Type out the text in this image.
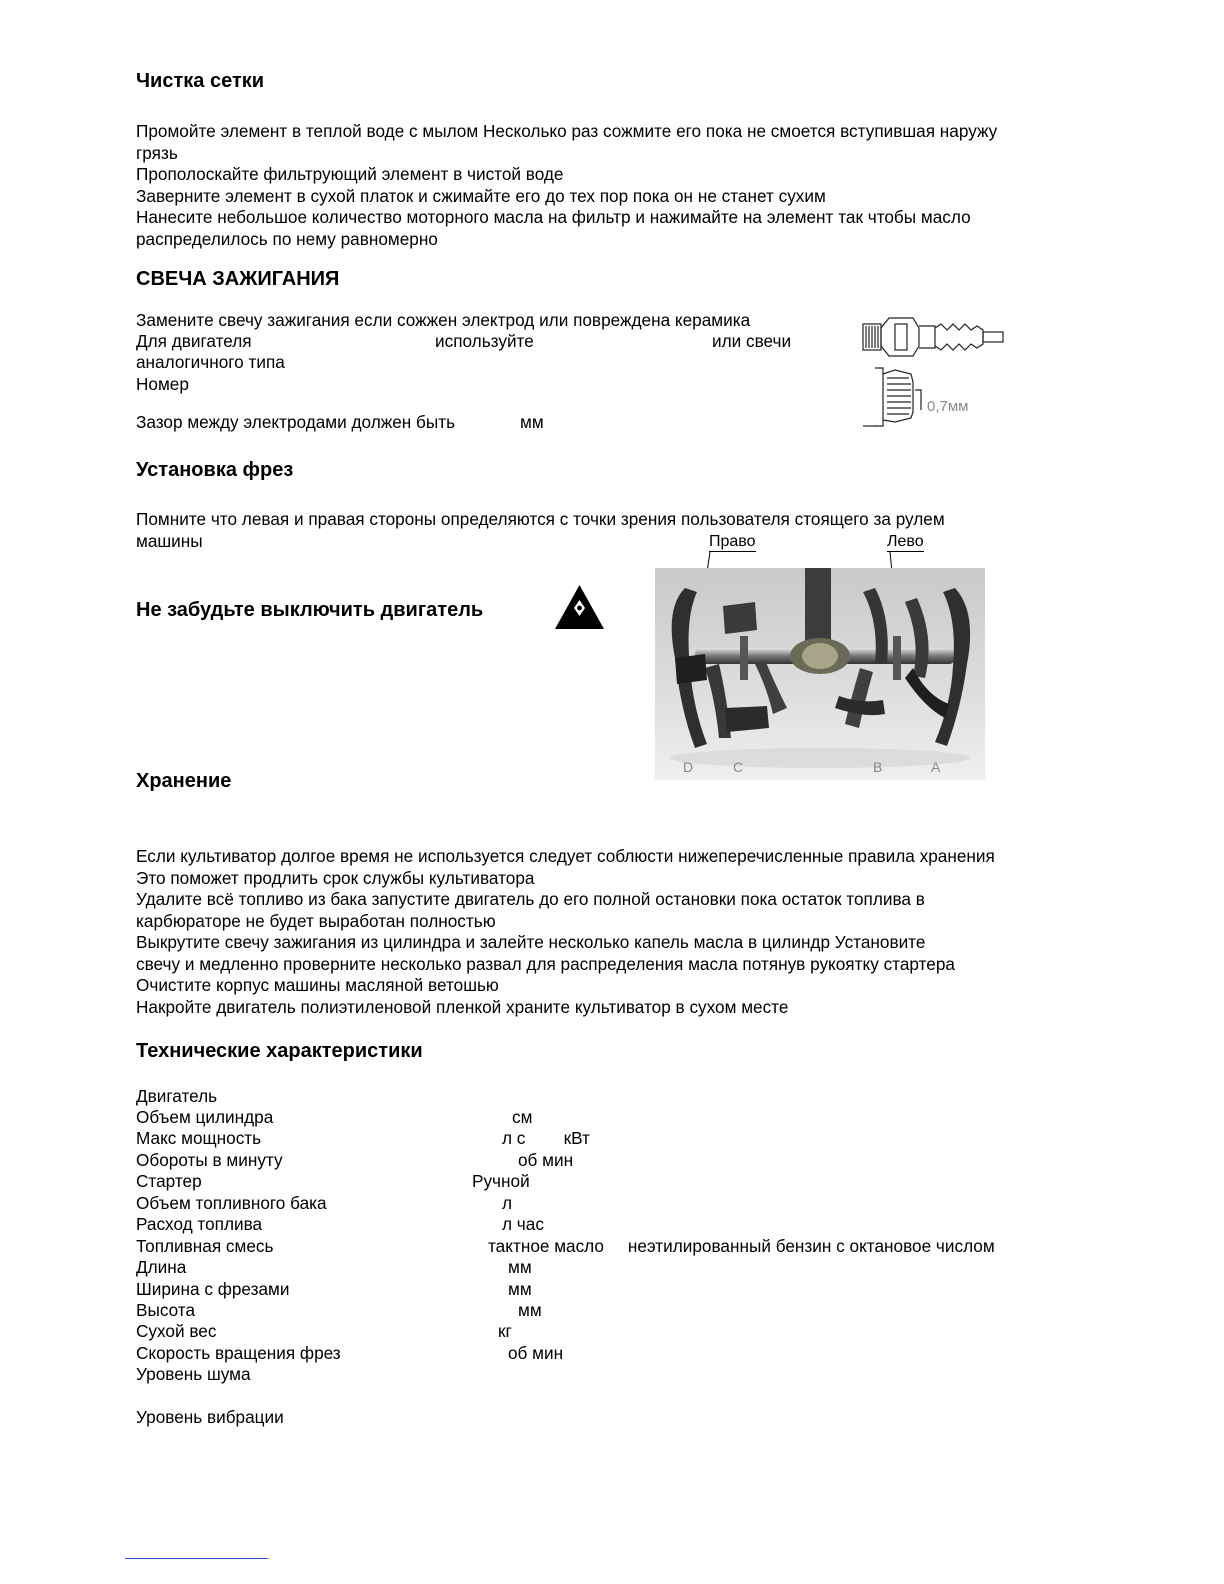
Чистка сетки
Промойте элемент в теплой воде с мылом Несколько раз сожмите его пока не смоется вступившая наружу
грязь
Прополоскайте фильтрующий элемент в чистой воде
Заверните элемент в сухой платок и сжимайте его до тех пор пока он не станет сухим
Нанесите небольшое количество моторного масла на фильтр и нажимайте на элемент так чтобы масло
распределилось по нему равномерно
СВЕЧА ЗАЖИГАНИЯ
Замените свечу зажигания если сожжен электрод или повреждена керамика
Для двигателя	используйте	или свечи
аналогичного типа
Номер
Зазор между электродами должен быть	мм
0,7мм
Установка фрез
Помните что левая и правая стороны определяются с точки зрения пользователя стоящего за рулем
машины	Право	Лево
Не забудьте выключить двигатель
D	C	B	A
Хранение
Если культиватор долгое время не используется следует соблюсти нижеперечисленные правила хранения
Это поможет продлить срок службы культиватора
Удалите всё топливо из бака запустите двигатель до его полной остановки пока остаток топлива в
карбюраторе не будет выработан полностью
Выкрутите свечу зажигания из цилиндра и залейте несколько капель масла в цилиндр Установите
свечу и медленно проверните несколько развал для распределения масла потянув рукоятку стартера
Очистите корпус машины масляной ветошью
Накройте двигатель полиэтиленовой пленкой храните культиватор в сухом месте
Технические характеристики
Двигатель
Объем цилиндра	см
Макс мощность	л с        кВт
Обороты в минуту	об мин
Стартер	Ручной
Объем топливного бака	л
Расход топлива	л час
Топливная смесь	тактное масло     неэтилированный бензин с октановое числом
Длина	мм
Ширина с фрезами	мм
Высота	мм
Сухой вес	кг
Скорость вращения фрез	об мин
Уровень шума
Уровень вибрации
